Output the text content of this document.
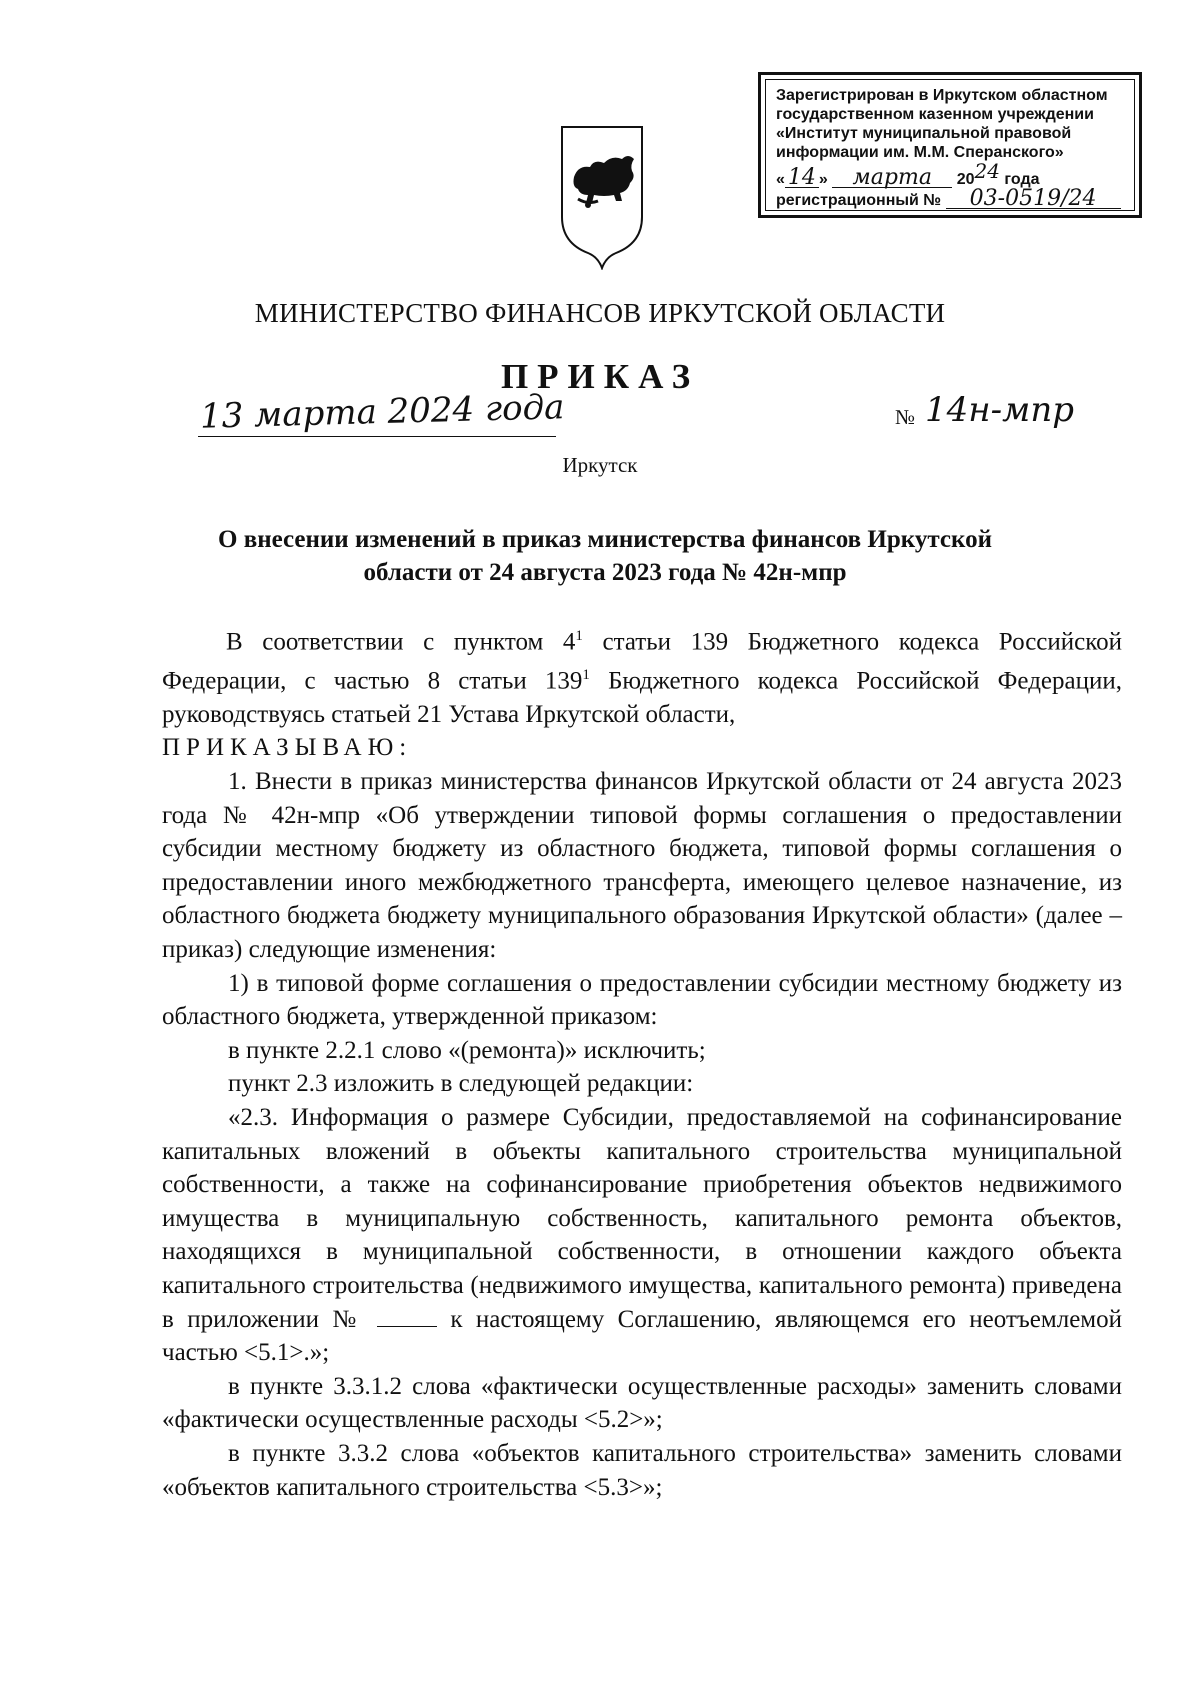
Зарегистрирован в Иркутском областном
государственном казенном учреждении
«Институт муниципальной правовой
информации им. М.М. Сперанского»
« 14 » марта 2024 года
регистрационный № 03-0519/24
МИНИСТЕРСТВО ФИНАНСОВ ИРКУТСКОЙ ОБЛАСТИ
ПРИКАЗ
13 марта 2024 года	№ 14н-мпр
Иркутск
О внесении изменений в приказ министерства финансов Иркутской
области от 24 августа 2023 года № 42н-мпр

В соответствии с пунктом $4^1$ статьи 139 Бюджетного кодекса Российской Федерации, с частью 8 статьи $139^1$ Бюджетного кодекса Российской Федерации, руководствуясь статьей 21 Устава Иркутской области,

ПРИКАЗЫВАЮ:

1. Внести в приказ министерства финансов Иркутской области от 24 августа 2023 года № 42н-мпр «Об утверждении типовой формы соглашения о предоставлении субсидии местному бюджету из областного бюджета, типовой формы соглашения о предоставлении иного межбюджетного трансферта, имеющего целевое назначение, из областного бюджета бюджету муниципального образования Иркутской области» (далее – приказ) следующие изменения:

1) в типовой форме соглашения о предоставлении субсидии местному бюджету из областного бюджета, утвержденной приказом:

в пункте 2.2.1 слово «(ремонта)» исключить;

пункт 2.3 изложить в следующей редакции:

«2.3. Информация о размере Субсидии, предоставляемой на софинансирование капитальных вложений в объекты капитального строительства муниципальной собственности, а также на софинансирование приобретения объектов недвижимого имущества в муниципальную собственность, капитального ремонта объектов, находящихся в муниципальной собственности, в отношении каждого объекта капитального строительства (недвижимого имущества, капитального ремонта) приведена в приложении №	к настоящему Соглашению, являющемся его неотъемлемой частью <5.1>.»;

в пункте 3.3.1.2 слова «фактически осуществленные расходы» заменить словами «фактически осуществленные расходы <5.2>»;

в пункте 3.3.2 слова «объектов капитального строительства» заменить словами «объектов капитального строительства <5.3>»;
